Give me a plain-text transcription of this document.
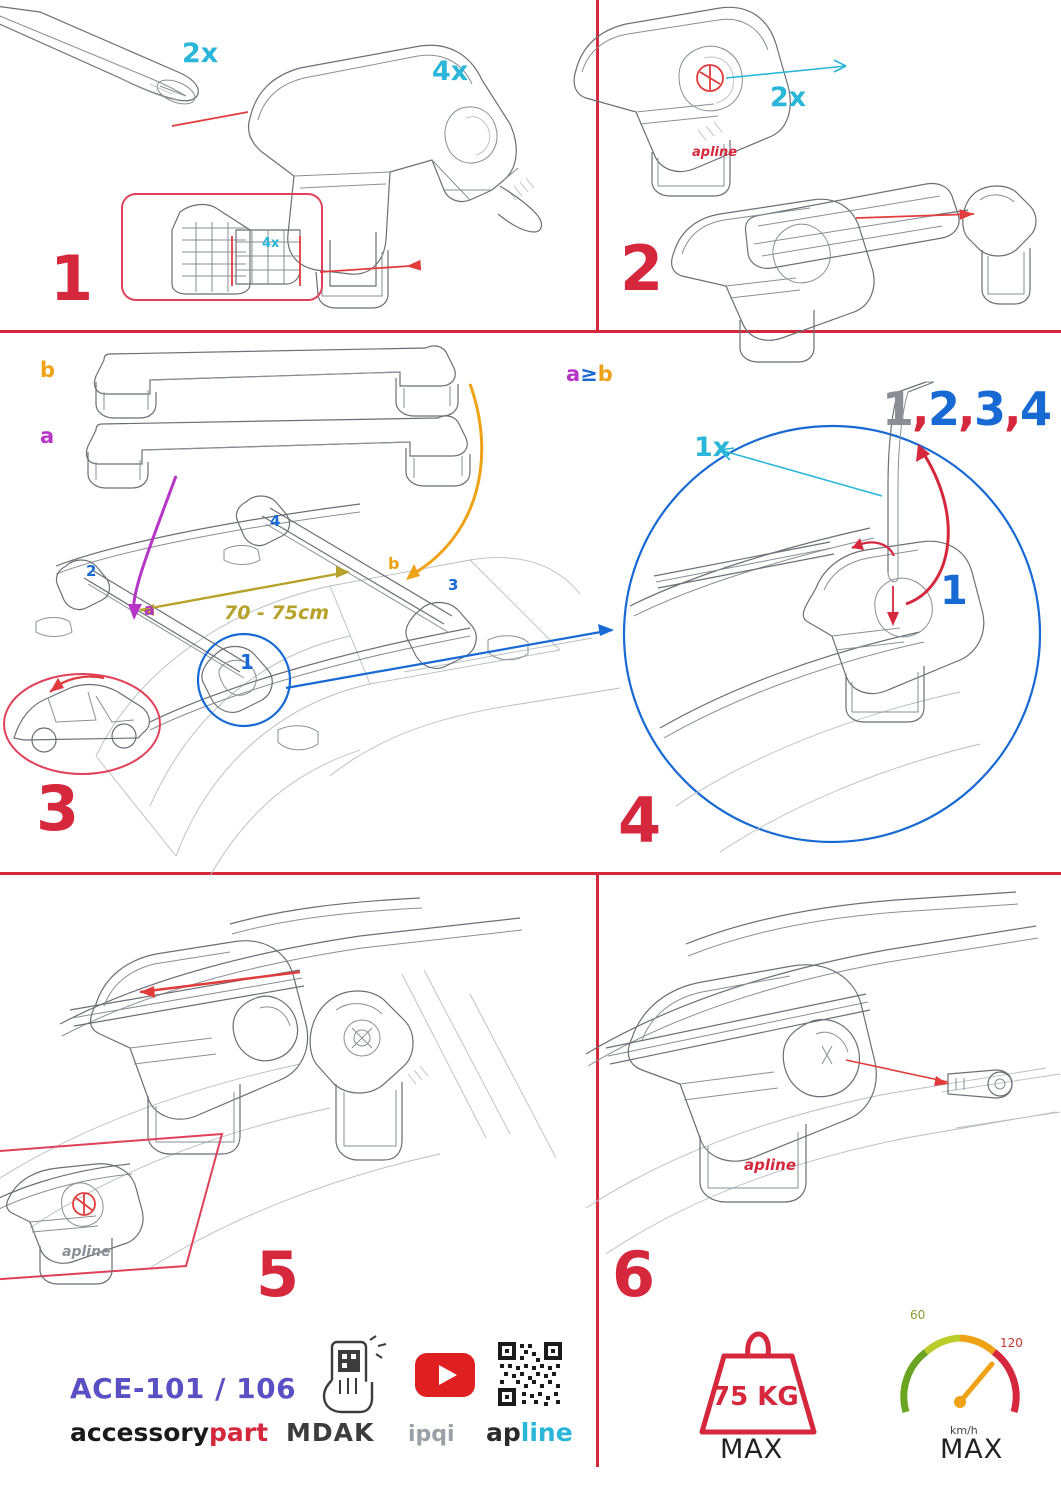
2x
4x
4x
1
apline
2x
2
b
a
a≥b
70 - 75cm
a
b
1
2
3
4
3
1x
1
,
2
,
3
,
4
1
4
apline 5
apline
6
ACE-101 / 106
accessorypart MDAK ipqi apline
75 KG
MAX
60
120
km/h
MAX
